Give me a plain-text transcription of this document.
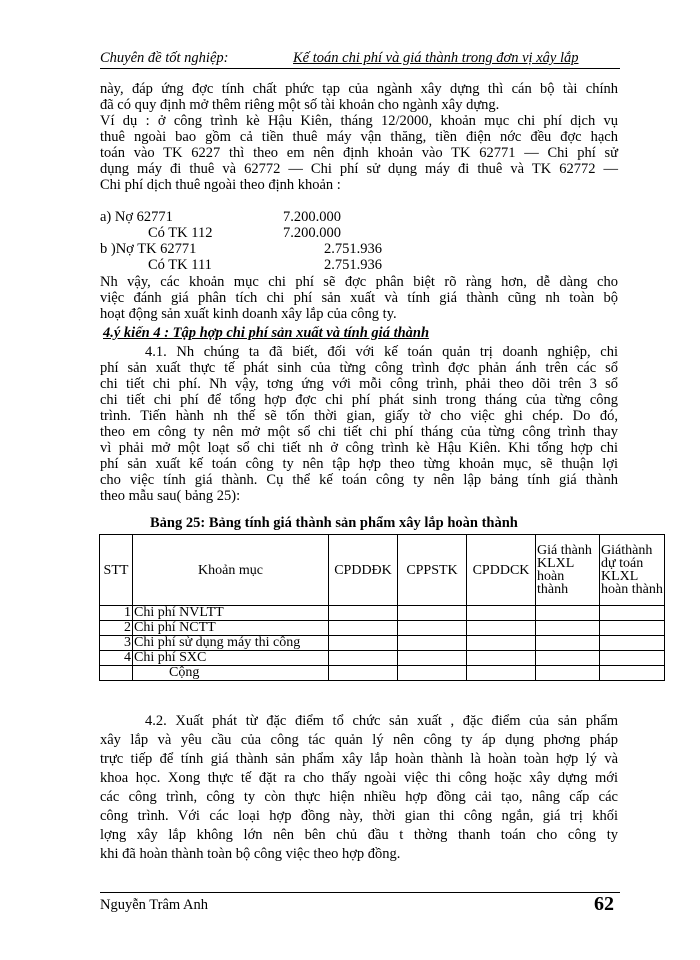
Chuyên đề tốt nghiệp:	Kế toán chi phí và giá thành trong đơn vị xây lắp
này, đáp ứng đợc tính chất phức tạp của ngành xây dựng thì cán bộ tài chính
đã có quy định mở thêm riêng một số tài khoản cho ngành xây dựng.
Ví dụ : ở công trình kè Hậu Kiên, tháng 12/2000, khoản mục chi phí dịch vụ
thuê ngoài bao gồm cả tiền thuê máy vận thăng, tiền điện nớc đều đợc hạch
toán vào TK 6227 thì theo em nên định khoản vào TK 62771 — Chi phí sử
dụng máy đi thuê và 62772 — Chi phí sử dụng máy đi thuê và TK 62772 —
Chi phí dịch thuê ngoài theo định khoản :
a) Nợ 62771	7.200.000
Có TK 112	7.200.000
b )Nợ TK 62771	2.751.936
Có TK 111	2.751.936
Nh vậy, các khoản mục chi phí sẽ đợc phân biệt rõ ràng hơn, dễ dàng cho
việc đánh giá phân tích chi phí sản xuất và tính giá thành cũng nh toàn bộ
hoạt động sản xuất kinh doanh xây lắp của công ty.
4.ý kiến 4 : Tập hợp chi phí sản xuất và tính giá thành
4.1. Nh chúng ta đã biết, đối với kế toán quản trị doanh nghiệp, chi
phí sản xuất thực tế phát sinh của từng công trình đợc phản ánh trên các sổ
chi tiết chi phí. Nh vậy, tơng ứng với mỗi công trình, phải theo dõi trên 3 sổ
chi tiết chi phí để tổng hợp đợc chi phí phát sinh trong tháng của từng công
trình. Tiến hành nh thế sẽ tốn thời gian, giấy tờ cho việc ghi chép. Do đó,
theo em công ty nên mở một sổ chi tiết chi phí tháng của từng công trình thay
vì phải mở một loạt sổ chi tiết nh ở công trình kè Hậu Kiên. Khi tổng hợp chi
phí sản xuất kế toán công ty nên tập hợp theo từng khoản mục, sẽ thuận lợi
cho việc tính giá thành. Cụ thể kế toán công ty nên lập bảng tính giá thành
theo mẫu sau( bảng 25):
Bảng 25: Bảng tính giá thành sản phẩm xây lắp hoàn thành
STT	Khoản mục	CPDDĐK	CPPSTK	CPDDCK	Giá thành KLXL hoàn thành	Giáthành dự toán KLXL hoàn thành
1	Chi phí NVLTT					
2	Chi phí NCTT					
3	Chi phí sử dụng máy thi công					
4	Chi phí SXC					
	Cộng					
4.2. Xuất phát từ đặc điểm tổ chức sản xuất , đặc điểm của sản phẩm
xây lắp và yêu cầu của công tác quản lý nên công ty áp dụng phơng pháp
trực tiếp để tính giá thành sản phẩm xây lắp hoàn thành là hoàn toàn hợp lý và
khoa học. Xong thực tế đặt ra cho thấy ngoài việc thi công hoặc xây dựng mới
các công trình, công ty còn thực hiện nhiều hợp đồng cải tạo, nâng cấp các
công trình. Với các loại hợp đồng này, thời gian thi công ngắn, giá trị khối
lợng xây lắp không lớn nên bên chủ đầu t thờng thanh toán cho công ty
khi đã hoàn thành toàn bộ công việc theo hợp đồng.
Nguyễn Trâm Anh	62
